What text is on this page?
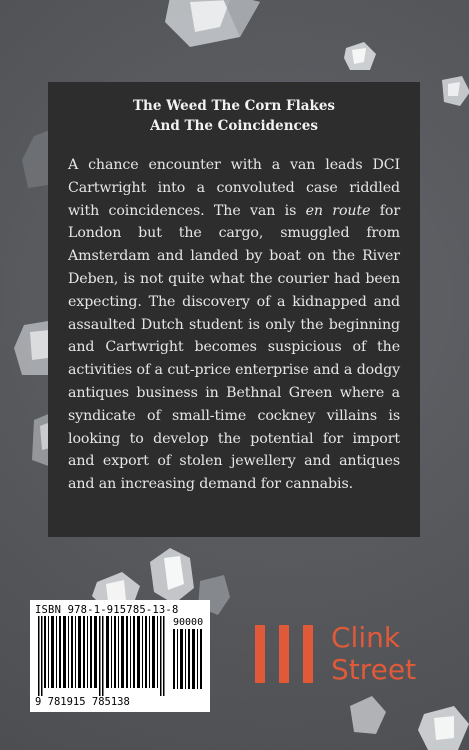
The Weed The Corn Flakes
And The Coincidences

A chance encounter with a van leads DCI Cartwright into a convoluted case riddled with coincidences. The van is en route for London but the cargo, smuggled from Amsterdam and landed by boat on the River Deben, is not quite what the courier had been expecting. The discovery of a kidnapped and assaulted Dutch student is only the beginning and Cartwright becomes suspicious of the activities of a cut-price enterprise and a dodgy antiques business in Bethnal Green where a syndicate of small-time cockney villains is looking to develop the potential for import and export of stolen jewellery and antiques and an increasing demand for cannabis.

ISBN 978-1-915785-13-8
90000
9 781915 785138
Clink
Street
